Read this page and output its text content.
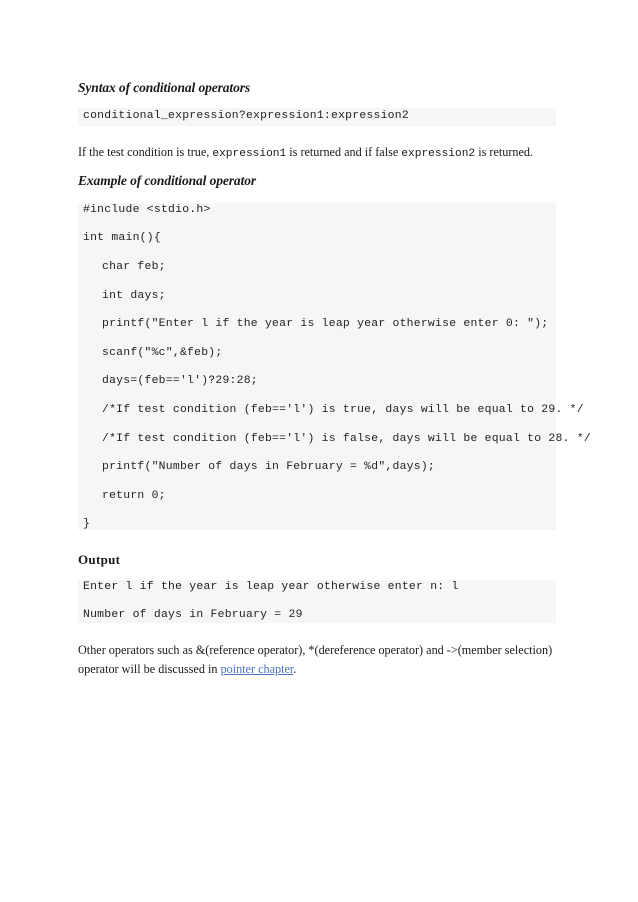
Syntax of conditional operators

conditional_expression?expression1:expression2

If the test condition is true, expression1 is returned and if false expression2 is returned.

Example of conditional operator

#include <stdio.h>
int main(){
char feb;
int days;
printf("Enter l if the year is leap year otherwise enter 0: ");
scanf("%c",&feb);
days=(feb=='l')?29:28;
/*If test condition (feb=='l') is true, days will be equal to 29. */
/*If test condition (feb=='l') is false, days will be equal to 28. */
printf("Number of days in February = %d",days);
return 0;
}

Output

Enter l if the year is leap year otherwise enter n: l
Number of days in February = 29

Other operators such as &(reference operator), *(dereference operator) and ->(member selection)

operator will be discussed in pointer chapter.
